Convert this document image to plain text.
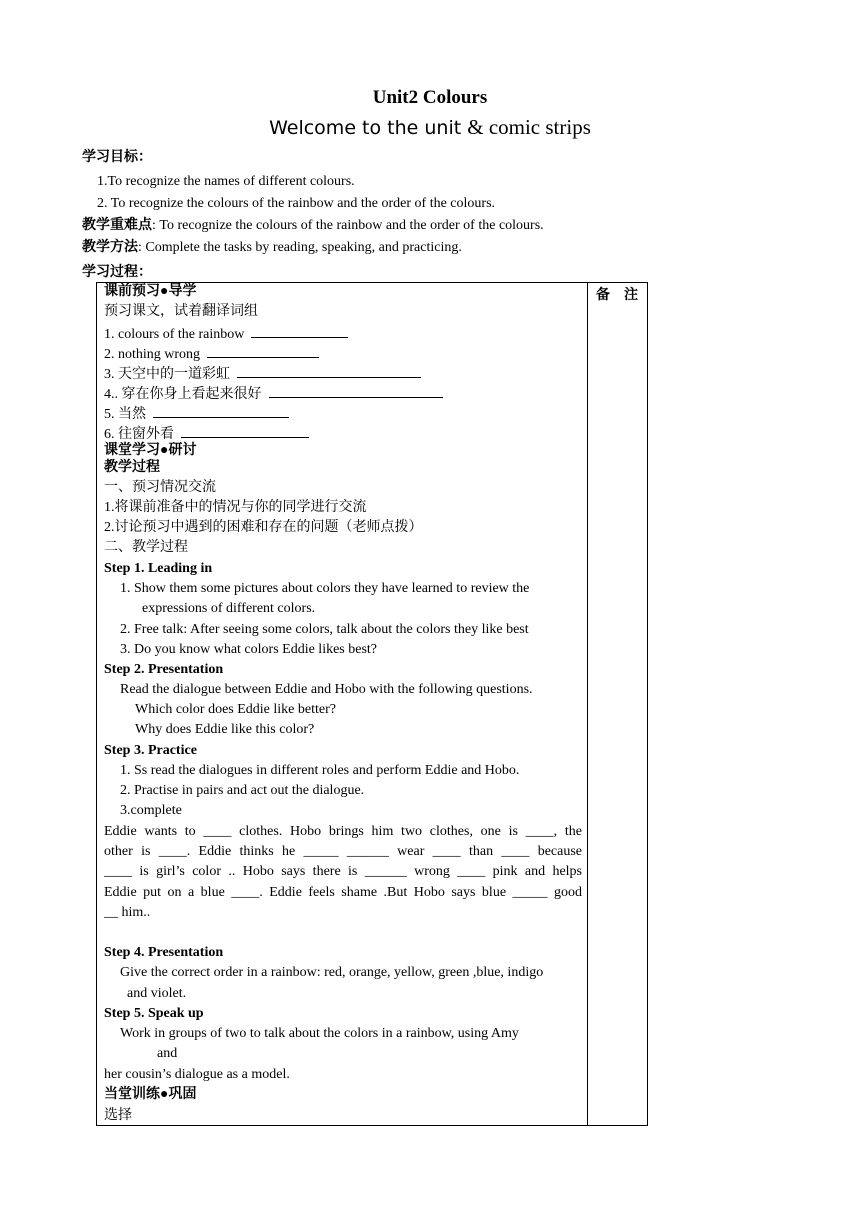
Unit2 Colours
Welcome to the unit & comic strips
学习目标：
1.To recognize the names of different colours.
2. To recognize the colours of the rainbow and the order of the colours.
教学重难点: To recognize the colours of the rainbow and the order of the colours.
教学方法: Complete the tasks by reading, speaking, and practicing.
学习过程：
备注
课前预习●导学
预习课文，试着翻译词组
1. colours of the rainbow
2. nothing wrong
3. 天空中的一道彩虹
4.. 穿在你身上看起来很好
5. 当然
6. 往窗外看
课堂学习●研讨
教学过程
一、预习情况交流
1.将课前准备中的情况与你的同学进行交流
2.讨论预习中遇到的困难和存在的问题（老师点拨）
二、教学过程
Step 1. Leading in
1. Show them some pictures about colors they have learned to review the
expressions of different colors.
2. Free talk: After seeing some colors, talk about the colors they like best
3. Do you know what colors Eddie likes best?
Step 2. Presentation
Read the dialogue between Eddie and Hobo with the following questions.
Which color does Eddie like better?
Why does Eddie like this color?
Step 3. Practice
1. Ss read the dialogues in different roles and perform Eddie and Hobo.
2. Practise in pairs and act out the dialogue.
3.complete
Eddie wants to ____ clothes. Hobo brings him two clothes, one is ____, the
other is ____. Eddie thinks he _____ ______ wear ____ than ____ because
____ is girl’s color .. Hobo says there is ______ wrong ____ pink and helps
Eddie put on a blue ____. Eddie feels shame .But Hobo says blue _____ good
__ him..
Step 4. Presentation
Give the correct order in a rainbow: red, orange, yellow, green ,blue, indigo
and violet.
Step 5. Speak up
Work in groups of two to talk about the colors in a rainbow, using Amy
and
her cousin’s dialogue as a model.
当堂训练●巩固
选择
